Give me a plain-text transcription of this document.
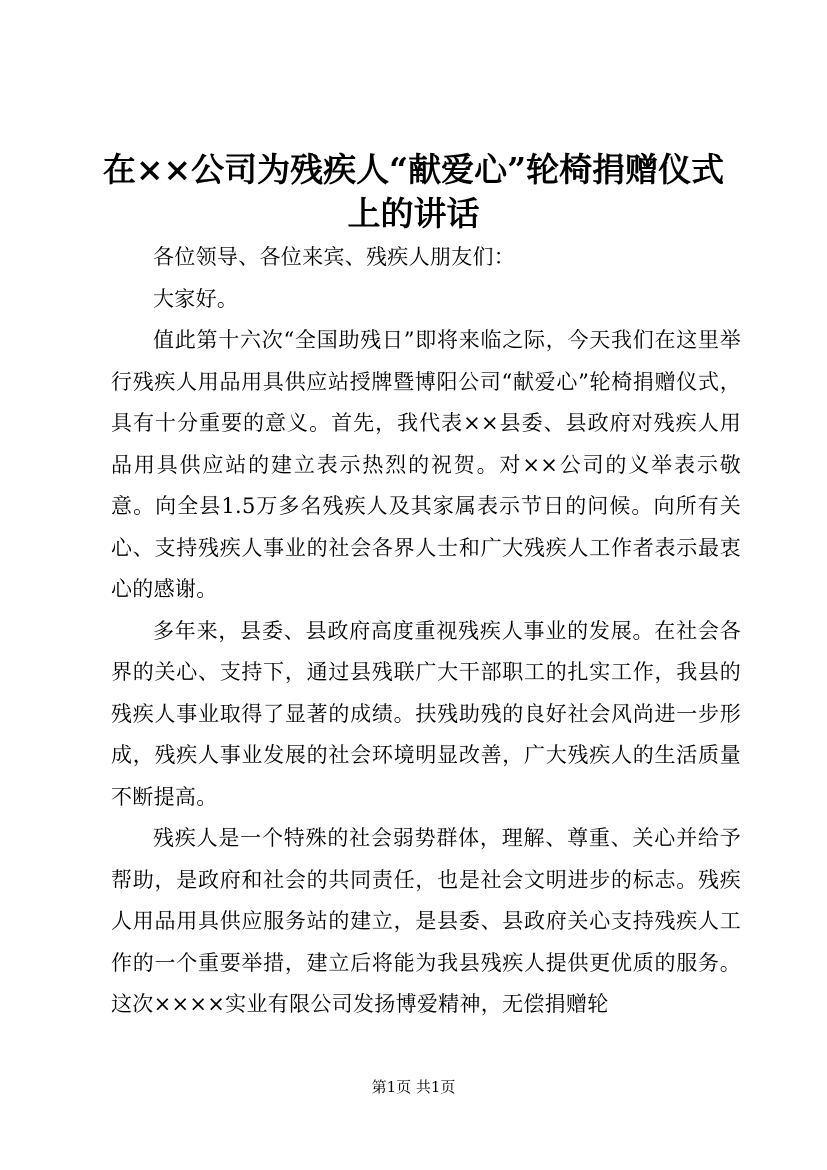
在××公司为残疾人“献爱心”轮椅捐赠仪式
上的讲话

各位领导、各位来宾、残疾人朋友们：

大家好。

值此第十六次“全国助残日”即将来临之际，今天我们在这里举行残疾人用品用具供应站授牌暨博阳公司“献爱心”轮椅捐赠仪式，具有十分重要的意义。首先，我代表××县委、县政府对残疾人用品用具供应站的建立表示热烈的祝贺。对××公司的义举表示敬意。向全县1.5万多名残疾人及其家属表示节日的问候。向所有关心、支持残疾人事业的社会各界人士和广大残疾人工作者表示最衷心的感谢。

多年来，县委、县政府高度重视残疾人事业的发展。在社会各界的关心、支持下，通过县残联广大干部职工的扎实工作，我县的残疾人事业取得了显著的成绩。扶残助残的良好社会风尚进一步形成，残疾人事业发展的社会环境明显改善，广大残疾人的生活质量不断提高。

残疾人是一个特殊的社会弱势群体，理解、尊重、关心并给予帮助，是政府和社会的共同责任，也是社会文明进步的标志。残疾人用品用具供应服务站的建立，是县委、县政府关心支持残疾人工作的一个重要举措，建立后将能为我县残疾人提供更优质的服务。这次××××实业有限公司发扬博爱精神，无偿捐赠轮

第1页 共1页
